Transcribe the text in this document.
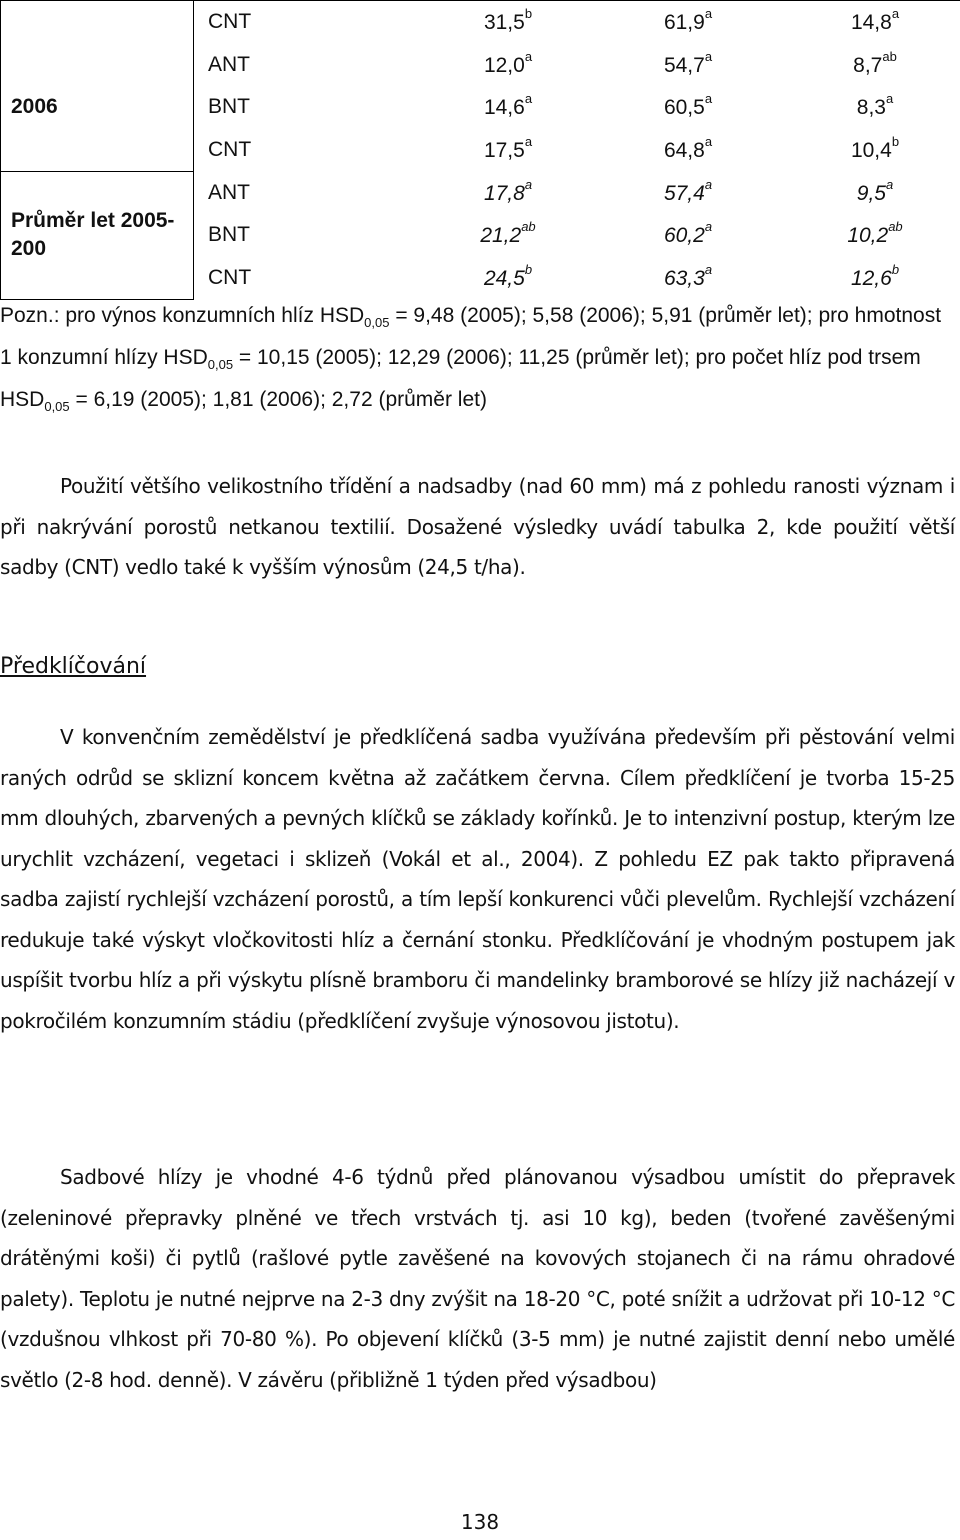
	CNT	31,5$^b$	61,9$^a$	14,8$^a$
2006	ANT	12,0$^a$	54,7$^a$	8,7$^{ab}$
	BNT	14,6$^a$	60,5$^a$	8,3$^a$
	CNT	17,5$^a$	64,8$^a$	10,4$^b$
Průměr let 2005-200	ANT	17,8$^a$	57,4$^a$	9,5$^a$
	BNT	21,2$^{ab}$	60,2$^a$	10,2$^{ab}$
	CNT	24,5$^b$	63,3$^a$	12,6$^b$

Pozn.: pro výnos konzumních hlíz $HSD_{0,05} = 9,48$ (2005); 5,58 (2006); 5,91 (průměr let); pro hmotnost 1 konzumní hlízy $HSD_{0,05} = 10,15$ (2005); 12,29 (2006); 11,25 (průměr let); pro počet hlíz pod trsem $HSD_{0,05} = 6,19$ (2005); 1,81 (2006); 2,72 (průměr let)

Použití většího velikostního třídění a nadsadby (nad 60 mm) má z pohledu ranosti význam i při nakrývání porostů netkanou textilií. Dosažené výsledky uvádí tabulka 2, kde použití větší sadby (CNT) vedlo také k vyšším výnosům (24,5 t/ha).

Předklíčování

V konvenčním zemědělství je předklíčená sadba využívána především při pěstování velmi raných odrůd se sklizní koncem května až začátkem června. Cílem předklíčení je tvorba 15-25 mm dlouhých, zbarvených a pevných klíčků se základy kořínků. Je to intenzivní postup, kterým lze urychlit vzcházení, vegetaci i sklizeň (Vokál et al., 2004). Z pohledu EZ pak takto připravená sadba zajistí rychlejší vzcházení porostů, a tím lepší konkurenci vůči plevelům. Rychlejší vzcházení redukuje také výskyt vločkovitosti hlíz a černání stonku. Předklíčování je vhodným postupem jak uspíšit tvorbu hlíz a při výskytu plísně bramboru či mandelinky bramborové se hlízy již nacházejí v pokročilém konzumním stádiu (předklíčení zvyšuje výnosovou jistotu).

Sadbové hlízy je vhodné 4-6 týdnů před plánovanou výsadbou umístit do přepravek (zeleninové přepravky plněné ve třech vrstvách tj. asi 10 kg), beden (tvořené zavěšenými drátěnými koši) či pytlů (rašlové pytle zavěšené na kovových stojanech či na rámu ohradové palety). Teplotu je nutné nejprve na 2-3 dny zvýšit na 18-20 °C, poté snížit a udržovat při 10-12 °C (vzdušnou vlhkost při 70-80 %). Po objevení klíčků (3-5 mm) je nutné zajistit denní nebo umělé světlo (2-8 hod. denně). V závěru (přibližně 1 týden před výsadbou)

138
